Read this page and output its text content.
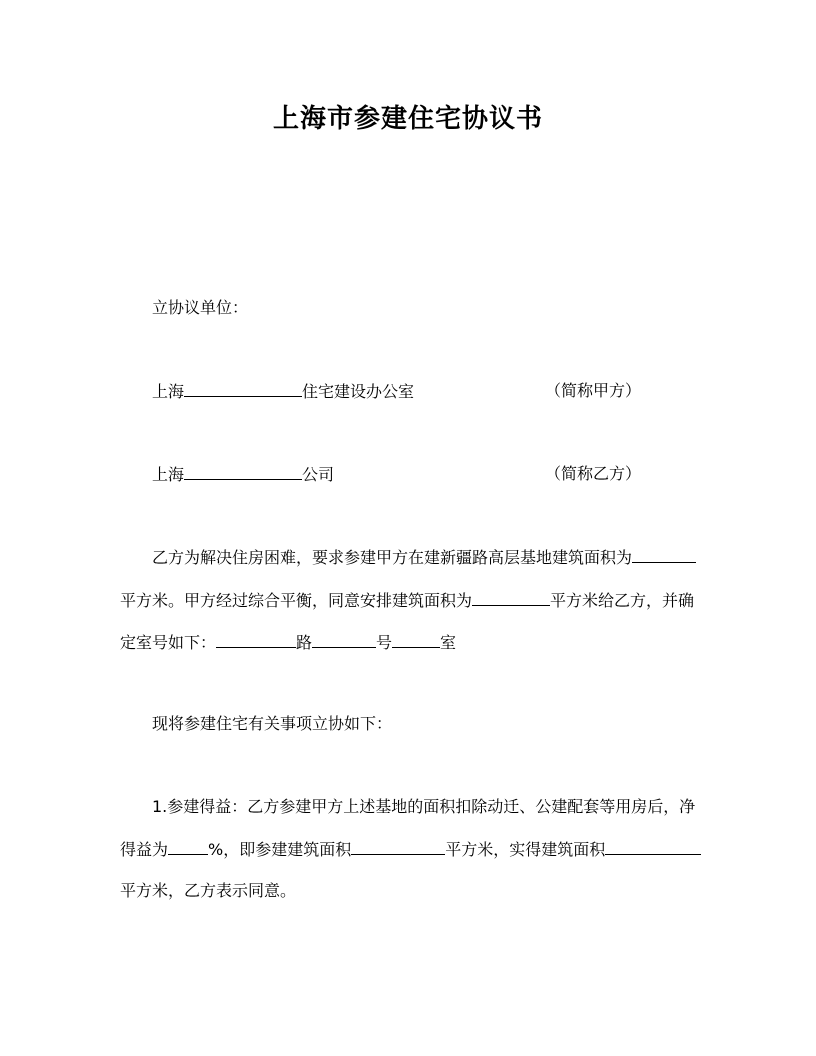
上海市参建住宅协议书
立协议单位：
上海	住宅建设办公室	（简称甲方）
上海	公司	（简称乙方）
乙方为解决住房困难，要求参建甲方在建新疆路高层基地建筑面积为
平方米。甲方经过综合平衡，同意安排建筑面积为	平方米给乙方，并确
定室号如下：	路	号	室
现将参建住宅有关事项立协如下：
1.参建得益：乙方参建甲方上述基地的面积扣除动迁、公建配套等用房后，净
得益为	%，即参建建筑面积	平方米，实得建筑面积
平方米，乙方表示同意。
